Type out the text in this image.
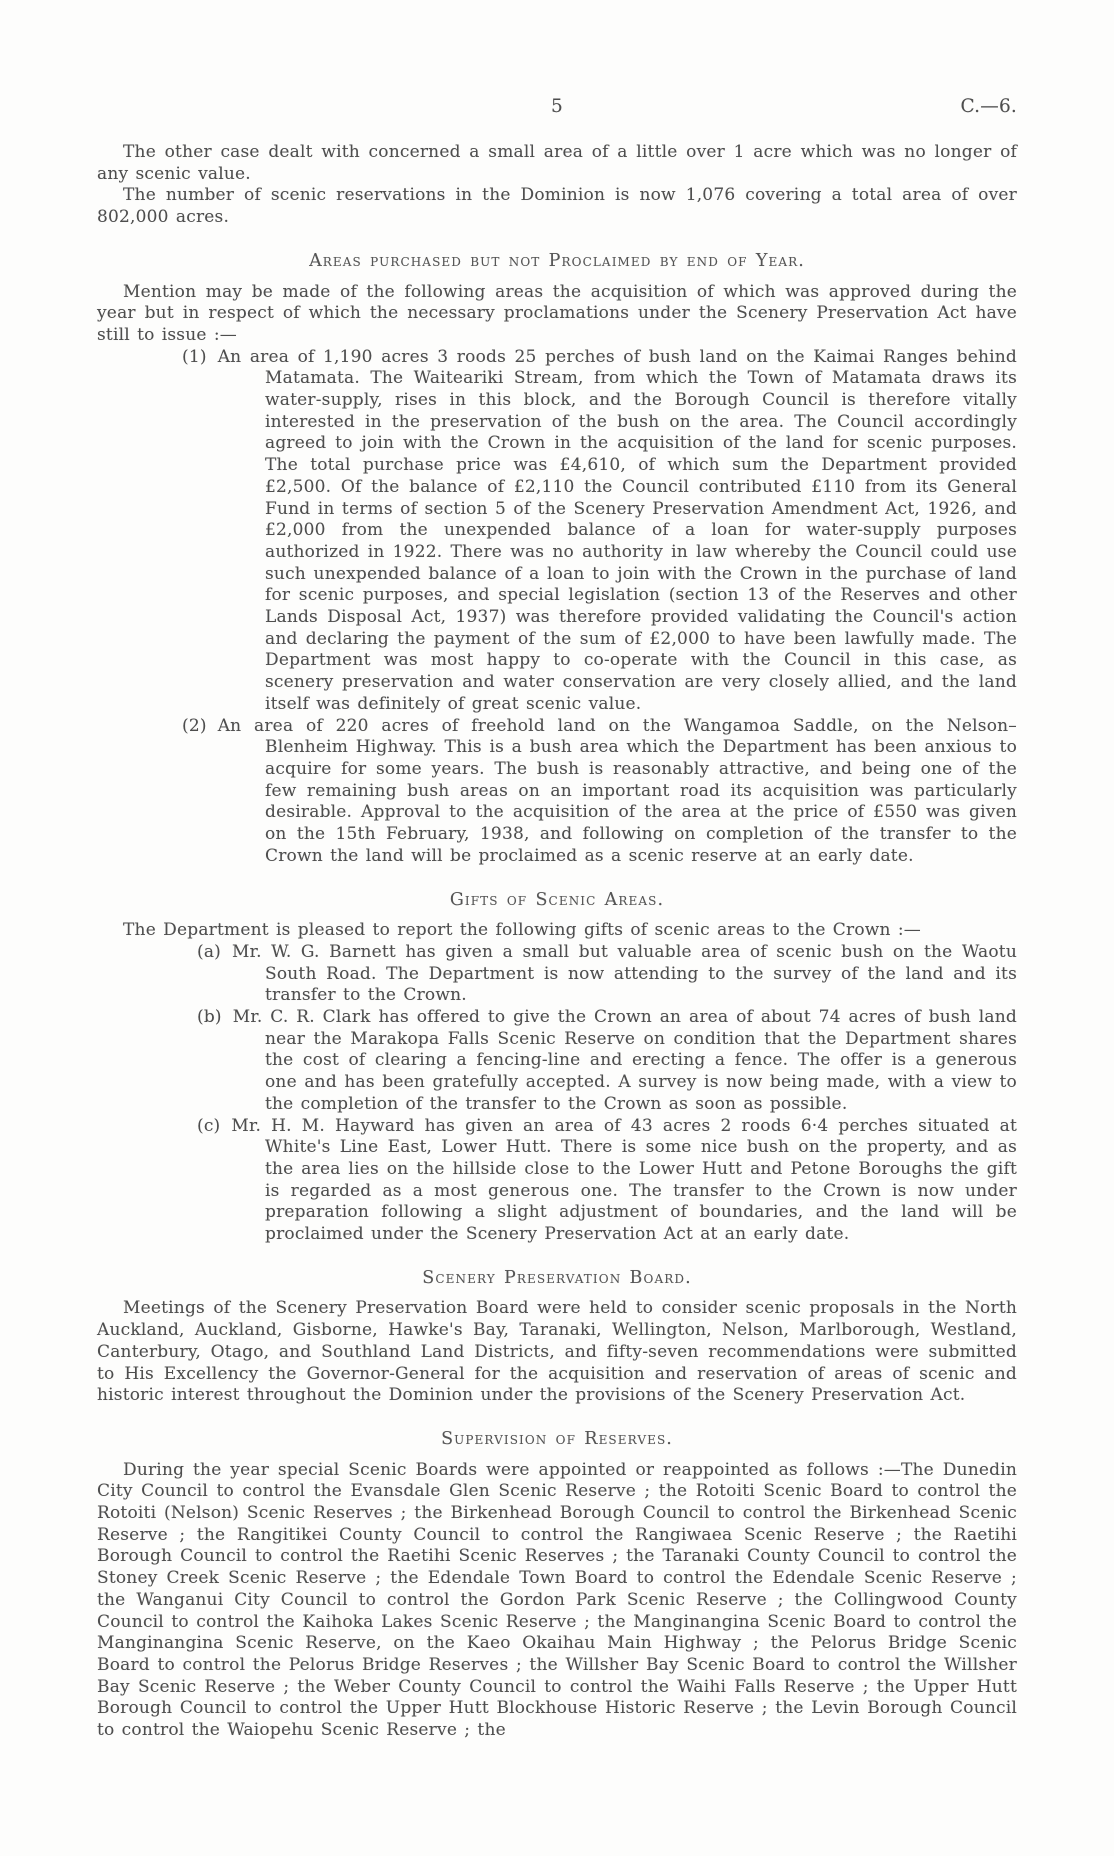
5	C.—6.

The other case dealt with concerned a small area of a little over 1 acre which was no longer of any scenic value.

The number of scenic reservations in the Dominion is now 1,076 covering a total area of over 802,000 acres.

Areas purchased but not Proclaimed by end of Year.

Mention may be made of the following areas the acquisition of which was approved during the year but in respect of which the necessary proclamations under the Scenery Preservation Act have still to issue :—

(1) An area of 1,190 acres 3 roods 25 perches of bush land on the Kaimai Ranges behind Matamata. The Waiteariki Stream, from which the Town of Matamata draws its water-supply, rises in this block, and the Borough Council is therefore vitally interested in the preservation of the bush on the area. The Council accordingly agreed to join with the Crown in the acquisition of the land for scenic purposes. The total purchase price was £4,610, of which sum the Department provided £2,500. Of the balance of £2,110 the Council contributed £110 from its General Fund in terms of section 5 of the Scenery Preservation Amendment Act, 1926, and £2,000 from the unexpended balance of a loan for water-supply purposes authorized in 1922. There was no authority in law whereby the Council could use such unexpended balance of a loan to join with the Crown in the purchase of land for scenic purposes, and special legislation (section 13 of the Reserves and other Lands Disposal Act, 1937) was therefore provided validating the Council's action and declaring the payment of the sum of £2,000 to have been lawfully made. The Department was most happy to co-operate with the Council in this case, as scenery preservation and water conservation are very closely allied, and the land itself was definitely of great scenic value.

(2) An area of 220 acres of freehold land on the Wangamoa Saddle, on the Nelson–Blenheim Highway. This is a bush area which the Department has been anxious to acquire for some years. The bush is reasonably attractive, and being one of the few remaining bush areas on an important road its acquisition was particularly desirable. Approval to the acquisition of the area at the price of £550 was given on the 15th February, 1938, and following on completion of the transfer to the Crown the land will be proclaimed as a scenic reserve at an early date.

Gifts of Scenic Areas.

The Department is pleased to report the following gifts of scenic areas to the Crown :—

(a) Mr. W. G. Barnett has given a small but valuable area of scenic bush on the Waotu South Road. The Department is now attending to the survey of the land and its transfer to the Crown.

(b) Mr. C. R. Clark has offered to give the Crown an area of about 74 acres of bush land near the Marakopa Falls Scenic Reserve on condition that the Department shares the cost of clearing a fencing-line and erecting a fence. The offer is a generous one and has been gratefully accepted. A survey is now being made, with a view to the completion of the transfer to the Crown as soon as possible.

(c) Mr. H. M. Hayward has given an area of 43 acres 2 roods 6·4 perches situated at White's Line East, Lower Hutt. There is some nice bush on the property, and as the area lies on the hillside close to the Lower Hutt and Petone Boroughs the gift is regarded as a most generous one. The transfer to the Crown is now under preparation following a slight adjustment of boundaries, and the land will be proclaimed under the Scenery Preservation Act at an early date.

Scenery Preservation Board.

Meetings of the Scenery Preservation Board were held to consider scenic proposals in the North Auckland, Auckland, Gisborne, Hawke's Bay, Taranaki, Wellington, Nelson, Marlborough, Westland, Canterbury, Otago, and Southland Land Districts, and fifty-seven recommendations were submitted to His Excellency the Governor-General for the acquisition and reservation of areas of scenic and historic interest throughout the Dominion under the provisions of the Scenery Preservation Act.

Supervision of Reserves.

During the year special Scenic Boards were appointed or reappointed as follows :—The Dunedin City Council to control the Evansdale Glen Scenic Reserve ; the Rotoiti Scenic Board to control the Rotoiti (Nelson) Scenic Reserves ; the Birkenhead Borough Council to control the Birkenhead Scenic Reserve ; the Rangitikei County Council to control the Rangiwaea Scenic Reserve ; the Raetihi Borough Council to control the Raetihi Scenic Reserves ; the Taranaki County Council to control the Stoney Creek Scenic Reserve ; the Edendale Town Board to control the Edendale Scenic Reserve ; the Wanganui City Council to control the Gordon Park Scenic Reserve ; the Collingwood County Council to control the Kaihoka Lakes Scenic Reserve ; the Manginangina Scenic Board to control the Manginangina Scenic Reserve, on the Kaeo Okaihau Main Highway ; the Pelorus Bridge Scenic Board to control the Pelorus Bridge Reserves ; the Willsher Bay Scenic Board to control the Willsher Bay Scenic Reserve ; the Weber County Council to control the Waihi Falls Reserve ; the Upper Hutt Borough Council to control the Upper Hutt Blockhouse Historic Reserve ; the Levin Borough Council to control the Waiopehu Scenic Reserve ; the
